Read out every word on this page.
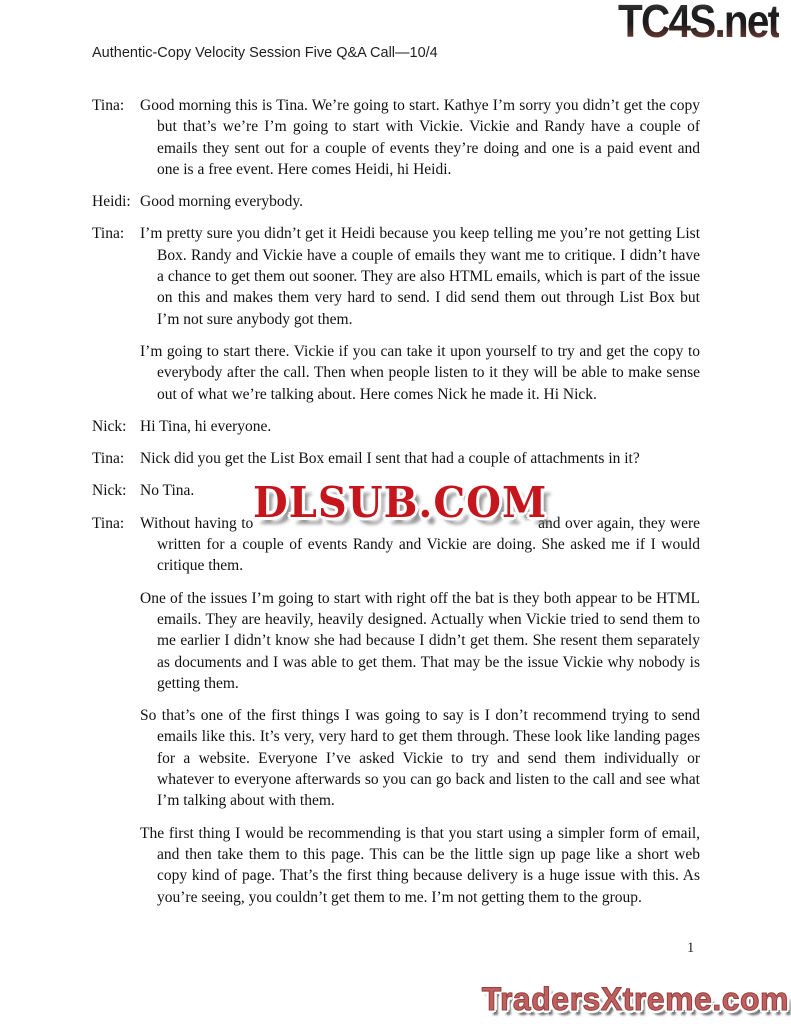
TC4S.net
Authentic-Copy Velocity Session Five Q&A Call—10/4
Tina: Good morning this is Tina. We’re going to start. Kathye I’m sorry you didn’t get the copy but that’s we’re I’m going to start with Vickie. Vickie and Randy have a couple of emails they sent out for a couple of events they’re doing and one is a paid event and one is a free event. Here comes Heidi, hi Heidi.
Heidi: Good morning everybody.
Tina: I’m pretty sure you didn’t get it Heidi because you keep telling me you’re not getting List Box. Randy and Vickie have a couple of emails they want me to critique. I didn’t have a chance to get them out sooner. They are also HTML emails, which is part of the issue on this and makes them very hard to send. I did send them out through List Box but I’m not sure anybody got them.
I’m going to start there. Vickie if you can take it upon yourself to try and get the copy to everybody after the call. Then when people listen to it they will be able to make sense out of what we’re talking about. Here comes Nick he made it. Hi Nick.
Nick: Hi Tina, hi everyone.
Tina: Nick did you get the List Box email I sent that had a couple of attachments in it?
Nick: No Tina.
Tina: Without having to	and over again, they were written for a couple of events Randy and Vickie are doing. She asked me if I would critique them.
One of the issues I’m going to start with right off the bat is they both appear to be HTML emails. They are heavily, heavily designed. Actually when Vickie tried to send them to me earlier I didn’t know she had because I didn’t get them. She resent them separately as documents and I was able to get them. That may be the issue Vickie why nobody is getting them.
So that’s one of the first things I was going to say is I don’t recommend trying to send emails like this. It’s very, very hard to get them through. These look like landing pages for a website. Everyone I’ve asked Vickie to try and send them individually or whatever to everyone afterwards so you can go back and listen to the call and see what I’m talking about with them.
The first thing I would be recommending is that you start using a simpler form of email, and then take them to this page. This can be the little sign up page like a short web copy kind of page. That’s the first thing because delivery is a huge issue with this. As you’re seeing, you couldn’t get them to me. I’m not getting them to the group.
DLSUB.COM
1
TradersXtreme.com
